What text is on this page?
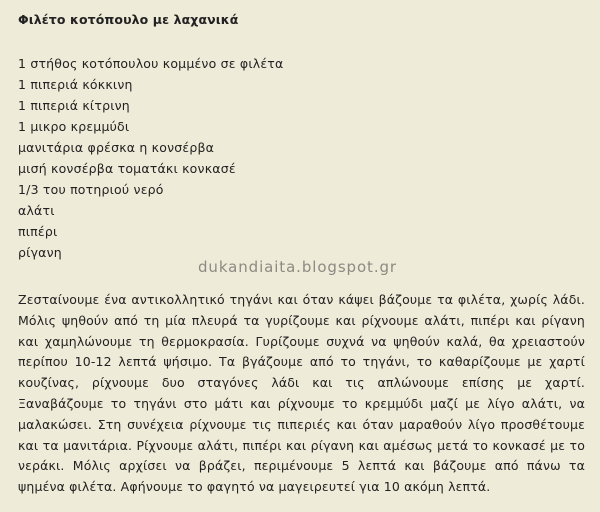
Φιλέτο κοτόπουλο με λαχανικά
1 στήθος κοτόπουλου κομμένο σε φιλέτα
1 πιπεριά κόκκινη
1 πιπεριά κίτρινη
1 μικρο κρεμμύδι
μανιτάρια φρέσκα η κονσέρβα
μισή κονσέρβα τοματάκι κονκασέ
1/3 του ποτηριού νερό
αλάτι
πιπέρι
ρίγανη
dukandiaita.blogspot.gr

Ζεσταίνουμε ένα αντικολλητικό τηγάνι και όταν κάψει βάζουμε τα φιλέτα, χωρίς λάδι. Μόλις ψηθούν από τη μία πλευρά τα γυρίζουμε και ρίχνουμε αλάτι, πιπέρι και ρίγανη και χαμηλώνουμε τη θερμοκρασία. Γυρίζουμε συχνά να ψηθούν καλά, θα χρειαστούν περίπου 10-12 λεπτά ψήσιμο. Τα βγάζουμε από το τηγάνι, το καθαρίζουμε με χαρτί κουζίνας, ρίχνουμε δυο σταγόνες λάδι και τις απλώνουμε επίσης με χαρτί. Ξαναβάζουμε το τηγάνι στο μάτι και ρίχνουμε το κρεμμύδι μαζί με λίγο αλάτι, να μαλακώσει. Στη συνέχεια ρίχνουμε τις πιπεριές και όταν μαραθούν λίγο προσθέτουμε και τα μανιτάρια. Ρίχνουμε αλάτι, πιπέρι και ρίγανη και αμέσως μετά το κονκασέ με το νεράκι. Μόλις αρχίσει να βράζει, περιμένουμε 5 λεπτά και βάζουμε από πάνω τα ψημένα φιλέτα. Αφήνουμε το φαγητό να μαγειρευτεί για 10 ακόμη λεπτά.
